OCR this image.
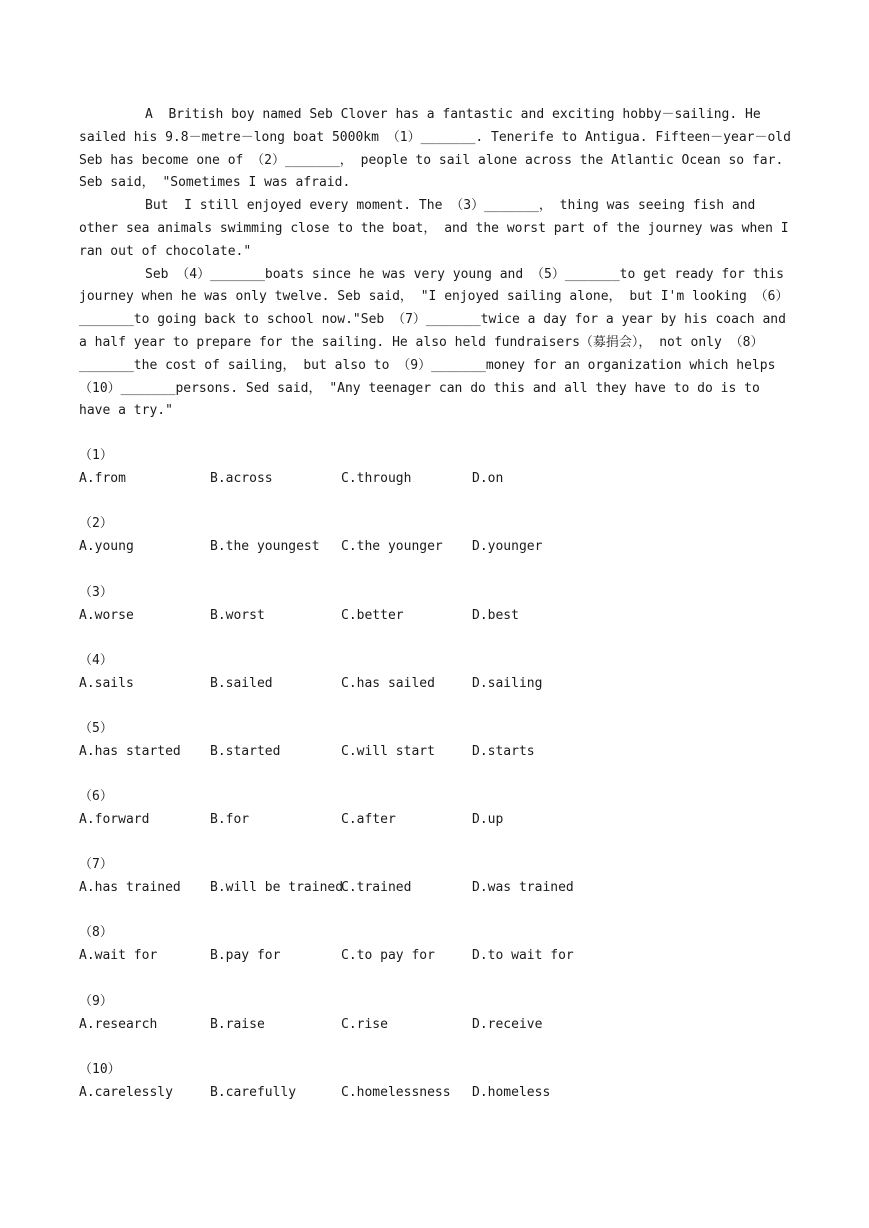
A  British boy named Seb Clover has a fantastic and exciting hobby－sailing. He sailed his 9.8－metre－long boat 5000km （1）_______. Tenerife to Antigua. Fifteen－year－old Seb has become one of （2）_______， people to sail alone across the Atlantic Ocean so far. Seb said， "Sometimes I was afraid.

But  I still enjoyed every moment. The （3）_______， thing was seeing fish and other sea animals swimming close to the boat， and the worst part of the journey was when I ran out of chocolate."

Seb （4）_______boats since he was very young and （5）_______to get ready for this journey when he was only twelve. Seb said， "I enjoyed sailing alone， but I'm looking （6）_______to going back to school now."Seb （7）_______twice a day for a year by his coach and a half year to prepare for the sailing. He also held fundraisers（募捐会）， not only （8）_______the cost of sailing， but also to （9）_______money for an organization which helps （10）_______persons. Sed said， "Any teenager can do this and all they have to do is to have a try."

（1）
A.from	B.across	C.through	D.on
（2）
A.young	B.the youngest C.the younger D.younger
（3）
A.worse	B.worst	C.better	D.best
（4）
A.sails	B.sailed	C.has sailed	D.sailing
（5）
A.has started B.started	C.will start	D.starts
（6）
A.forward	B.for	C.after	D.up
（7）
A.has trained B.will be trained
C.trained	D.was trained
（8）
A.wait for	B.pay for	C.to pay for	D.to wait for
（9）
A.research	B.raise	C.rise	D.receive
（10）
A.carelessly	B.carefully	C.homelessness D.homeless
